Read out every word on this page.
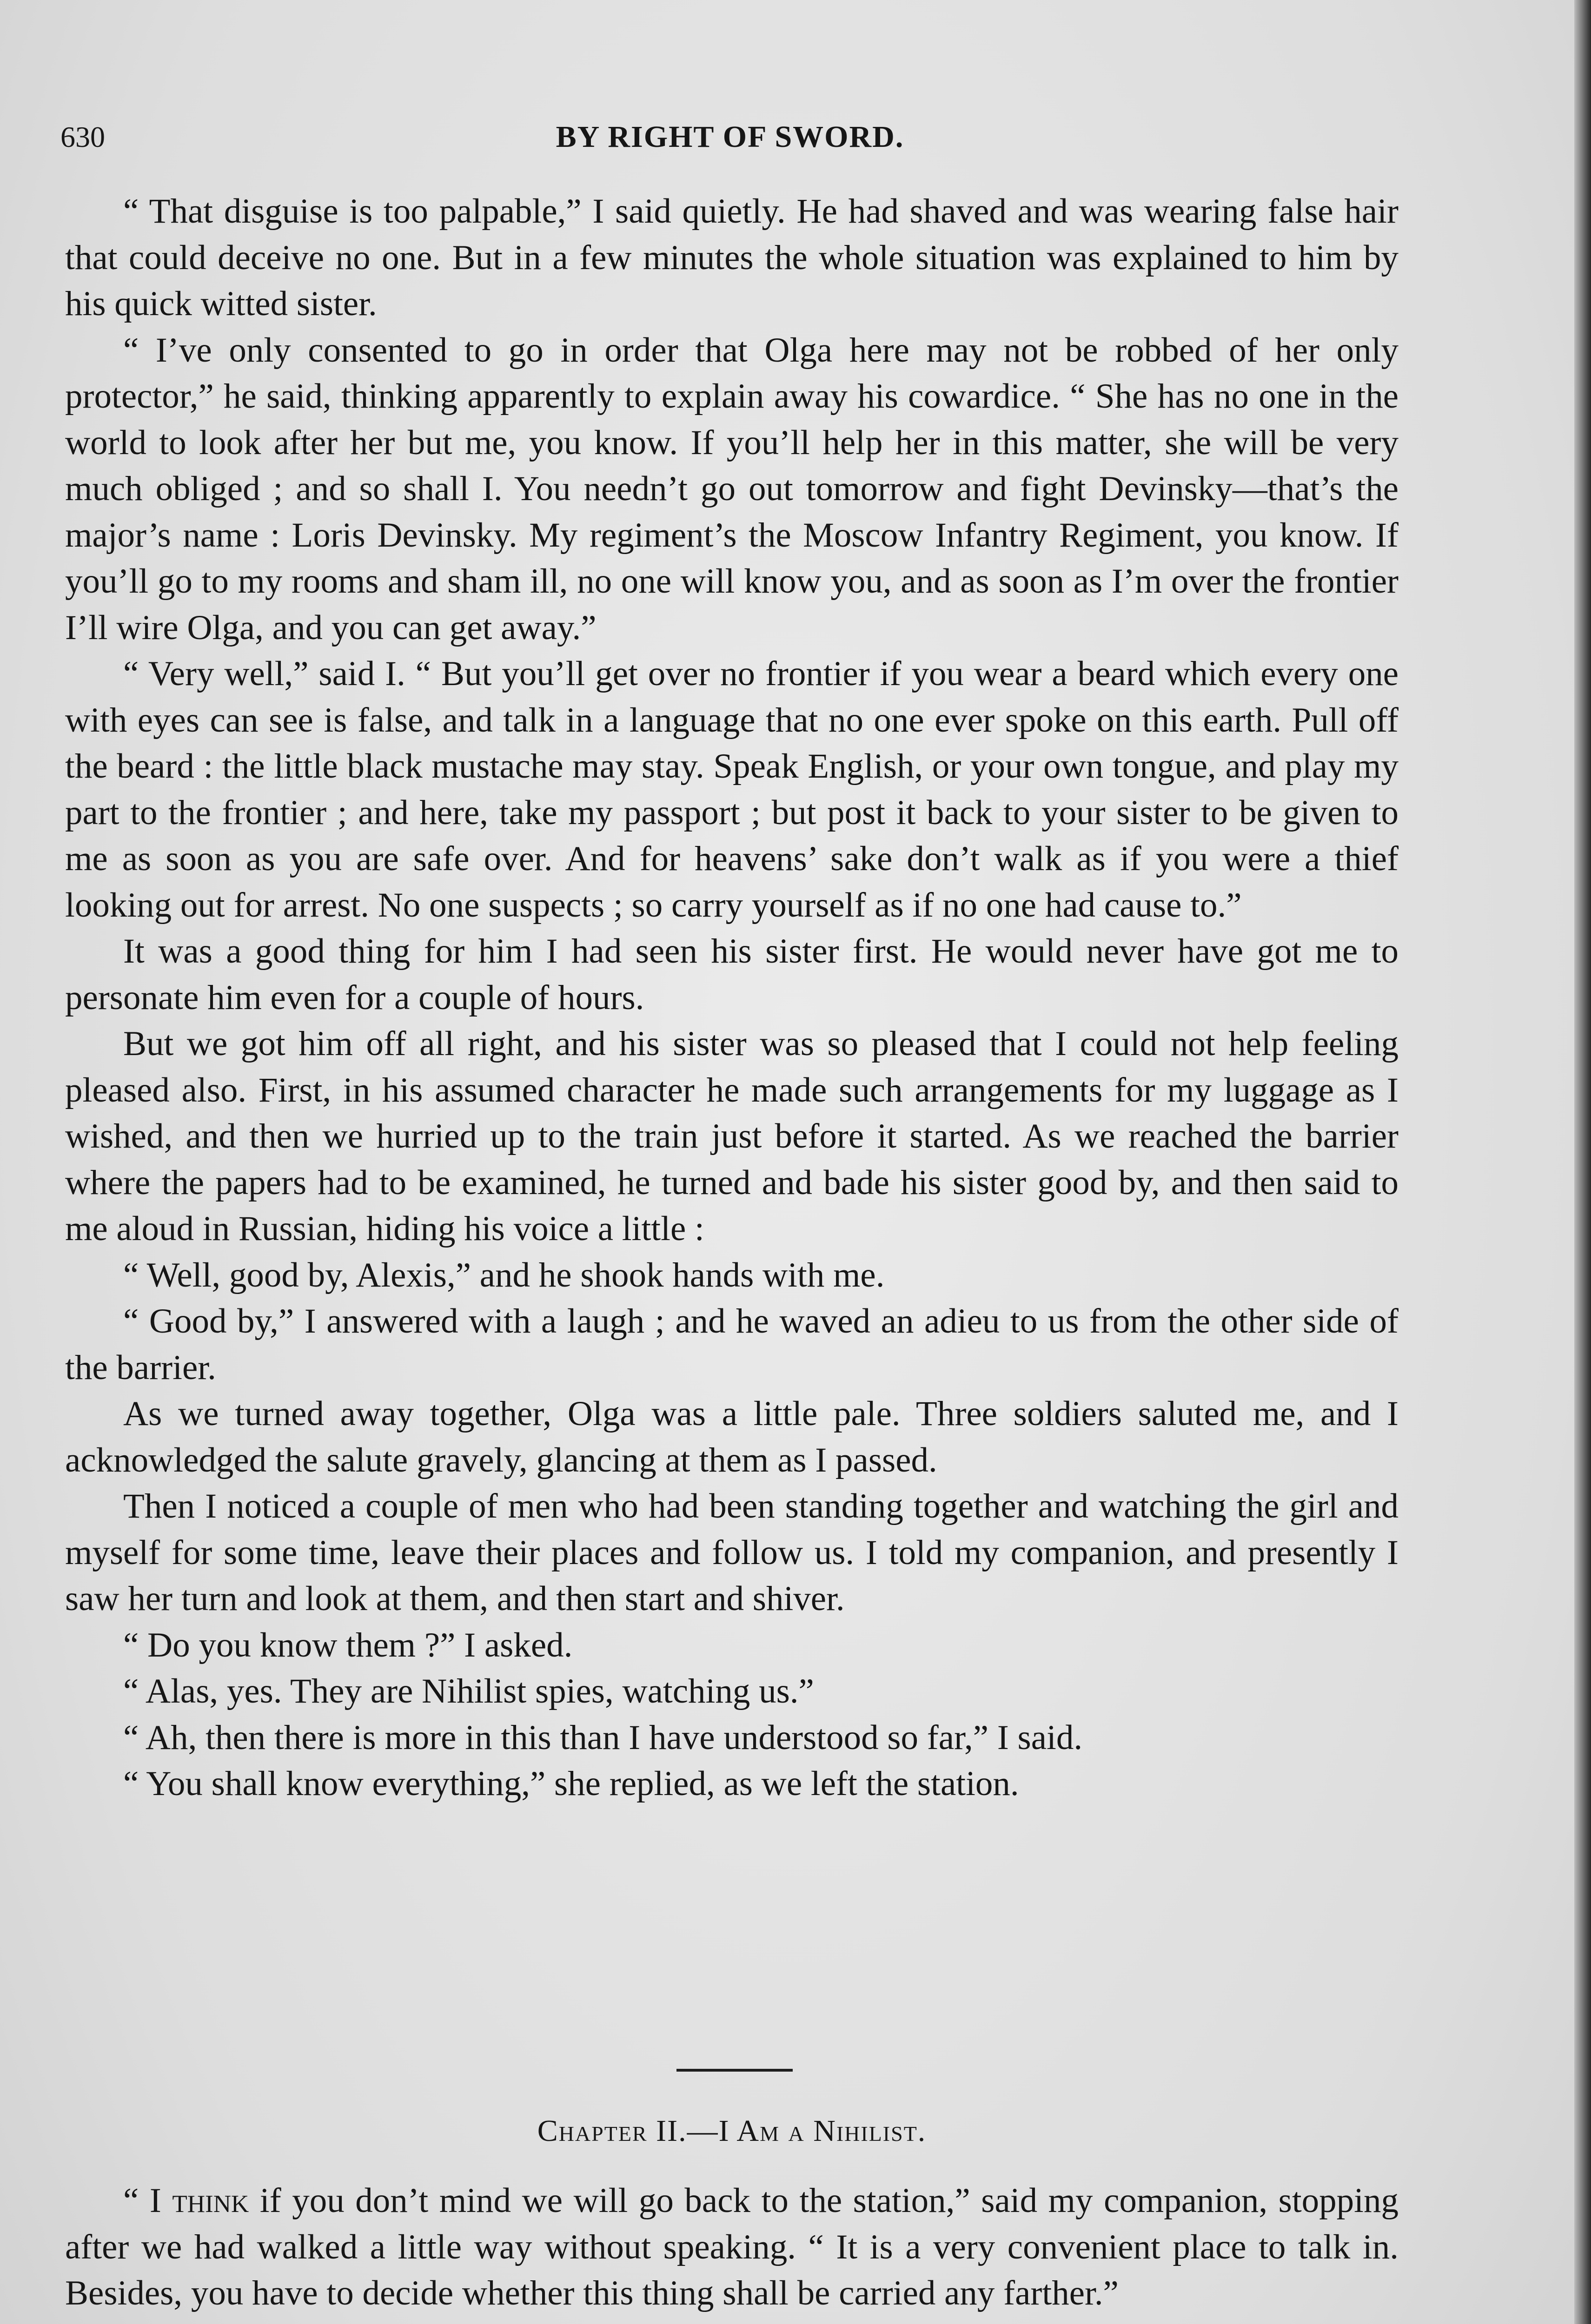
630	BY RIGHT OF SWORD.

“ That disguise is too palpable,” I said quietly. He had shaved and was wearing false hair that could deceive no one. But in a few minutes the whole situation was explained to him by his quick witted sister.

“ I’ve only consented to go in order that Olga here may not be robbed of her only protector,” he said, thinking apparently to explain away his cowardice. “ She has no one in the world to look after her but me, you know. If you’ll help her in this matter, she will be very much obliged ; and so shall I. You needn’t go out tomorrow and fight Devinsky—that’s the major’s name : Loris Devinsky. My regiment’s the Moscow Infantry Regiment, you know. If you’ll go to my rooms and sham ill, no one will know you, and as soon as I’m over the frontier I’ll wire Olga, and you can get away.”

“ Very well,” said I. “ But you’ll get over no frontier if you wear a beard which every one with eyes can see is false, and talk in a language that no one ever spoke on this earth. Pull off the beard : the little black mustache may stay. Speak English, or your own tongue, and play my part to the frontier ; and here, take my passport ; but post it back to your sister to be given to me as soon as you are safe over. And for heavens’ sake don’t walk as if you were a thief looking out for arrest. No one suspects ; so carry yourself as if no one had cause to.”

It was a good thing for him I had seen his sister first. He would never have got me to personate him even for a couple of hours.

But we got him off all right, and his sister was so pleased that I could not help feeling pleased also. First, in his assumed character he made such arrangements for my luggage as I wished, and then we hurried up to the train just before it started. As we reached the barrier where the papers had to be examined, he turned and bade his sister good by, and then said to me aloud in Russian, hiding his voice a little :

“ Well, good by, Alexis,” and he shook hands with me.

“ Good by,” I answered with a laugh ; and he waved an adieu to us from the other side of the barrier.

As we turned away together, Olga was a little pale. Three soldiers saluted me, and I acknowledged the salute gravely, glancing at them as I passed.

Then I noticed a couple of men who had been standing together and watching the girl and myself for some time, leave their places and follow us. I told my companion, and presently I saw her turn and look at them, and then start and shiver.

“ Do you know them ?” I asked.

“ Alas, yes. They are Nihilist spies, watching us.”

“ Ah, then there is more in this than I have understood so far,” I said.

“ You shall know everything,” she replied, as we left the station.

Chapter II.—I Am a Nihilist.

“ I think if you don’t mind we will go back to the station,” said my companion, stopping after we had walked a little way without speaking. “ It is a very convenient place to talk in. Besides, you have to decide whether this thing shall be carried any farther.”
